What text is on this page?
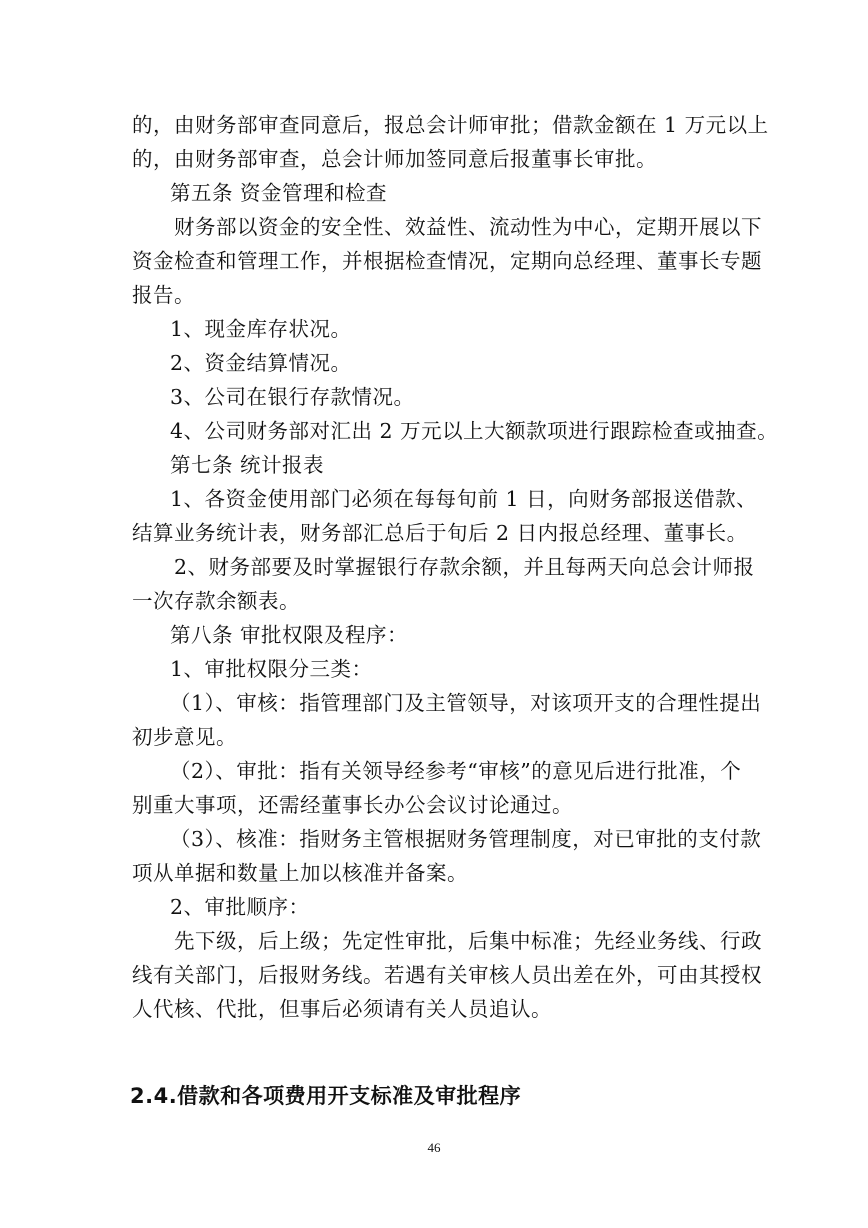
的，由财务部审查同意后，报总会计师审批；借款金额在 1 万元以上
的，由财务部审查，总会计师加签同意后报董事长审批。
第五条 资金管理和检查
财务部以资金的安全性、效益性、流动性为中心，定期开展以下
资金检查和管理工作，并根据检查情况，定期向总经理、董事长专题
报告。
1、现金库存状况。
2、资金结算情况。
3、公司在银行存款情况。
4、公司财务部对汇出 2 万元以上大额款项进行跟踪检查或抽查。
第七条 统计报表
1、各资金使用部门必须在每每旬前 1 日，向财务部报送借款、
结算业务统计表，财务部汇总后于旬后 2 日内报总经理、董事长。
2、财务部要及时掌握银行存款余额，并且每两天向总会计师报
一次存款余额表。
第八条 审批权限及程序：
1、审批权限分三类：
（1）、审核：指管理部门及主管领导，对该项开支的合理性提出
初步意见。
（2）、审批：指有关领导经参考“审核”的意见后进行批准，个
别重大事项，还需经董事长办公会议讨论通过。
（3）、核准：指财务主管根据财务管理制度，对已审批的支付款
项从单据和数量上加以核准并备案。
2、审批顺序：
先下级，后上级；先定性审批，后集中标准；先经业务线、行政
线有关部门，后报财务线。若遇有关审核人员出差在外，可由其授权
人代核、代批，但事后必须请有关人员追认。
2.4.借款和各项费用开支标准及审批程序
46
